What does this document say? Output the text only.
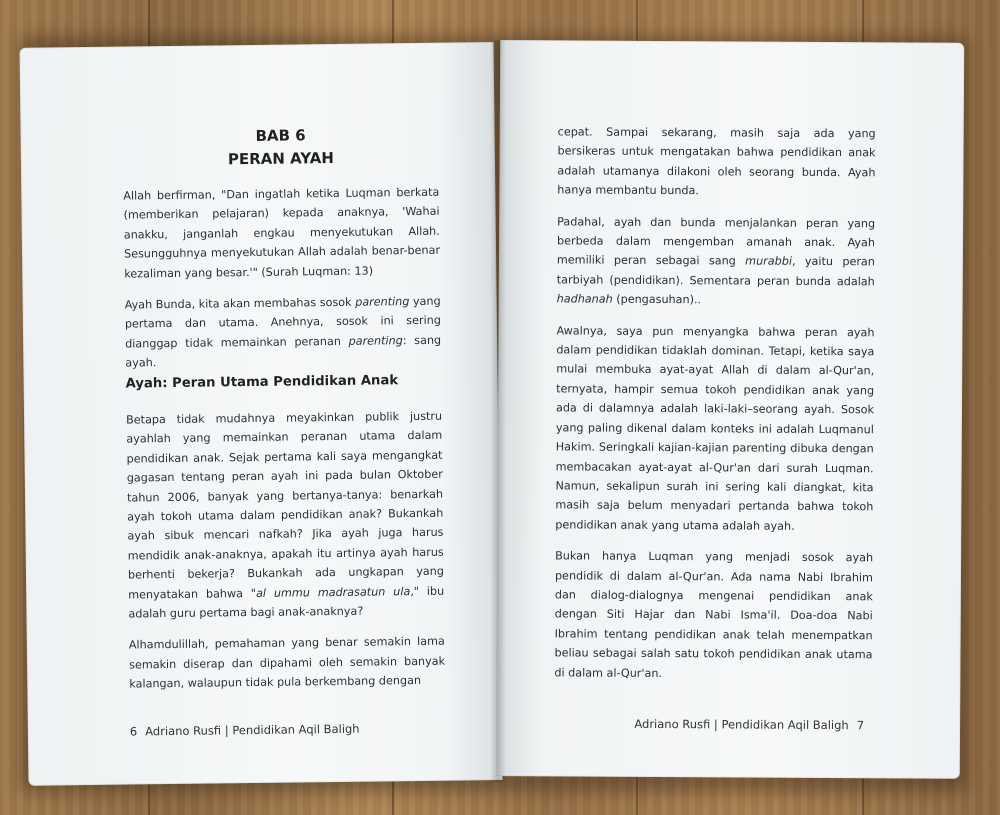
BAB 6
PERAN AYAH

Allah berfirman, "Dan ingatlah ketika Luqman berkata (memberikan pelajaran) kepada anaknya, 'Wahai anakku, janganlah engkau menyekutukan Allah. Sesungguhnya menyekutukan Allah adalah benar-benar kezaliman yang besar.'" (Surah Luqman: 13)

Ayah Bunda, kita akan membahas sosok parenting yang pertama dan utama. Anehnya, sosok ini sering dianggap tidak memainkan peranan parenting: sang ayah.

Ayah: Peran Utama Pendidikan Anak

Betapa tidak mudahnya meyakinkan publik justru ayahlah yang memainkan peranan utama dalam pendidikan anak. Sejak pertama kali saya mengangkat gagasan tentang peran ayah ini pada bulan Oktober tahun 2006, banyak yang bertanya-tanya: benarkah ayah tokoh utama dalam pendidikan anak? Bukankah ayah sibuk mencari nafkah? Jika ayah juga harus mendidik anak-anaknya, apakah itu artinya ayah harus berhenti bekerja? Bukankah ada ungkapan yang menyatakan bahwa "al ummu madrasatun ula," ibu adalah guru pertama bagi anak-anaknya?

Alhamdulillah, pemahaman yang benar semakin lama semakin diserap dan dipahami oleh semakin banyak kalangan, walaupun tidak pula berkembang dengan

6 Adriano Rusfi | Pendidikan Aqil Baligh

cepat. Sampai sekarang, masih saja ada yang bersikeras untuk mengatakan bahwa pendidikan anak adalah utamanya dilakoni oleh seorang bunda. Ayah hanya membantu bunda.

Padahal, ayah dan bunda menjalankan peran yang berbeda dalam mengemban amanah anak. Ayah memiliki peran sebagai sang murabbi, yaitu peran tarbiyah (pendidikan). Sementara peran bunda adalah hadhanah (pengasuhan)..

Awalnya, saya pun menyangka bahwa peran ayah dalam pendidikan tidaklah dominan. Tetapi, ketika saya mulai membuka ayat-ayat Allah di dalam al-Qur'an, ternyata, hampir semua tokoh pendidikan anak yang ada di dalamnya adalah laki-laki–seorang ayah. Sosok yang paling dikenal dalam konteks ini adalah Luqmanul Hakim. Seringkali kajian-kajian parenting dibuka dengan membacakan ayat-ayat al-Qur'an dari surah Luqman. Namun, sekalipun surah ini sering kali diangkat, kita masih saja belum menyadari pertanda bahwa tokoh pendidikan anak yang utama adalah ayah.

Bukan hanya Luqman yang menjadi sosok ayah pendidik di dalam al-Qur'an. Ada nama Nabi Ibrahim dan dialog-dialognya mengenai pendidikan anak dengan Siti Hajar dan Nabi Isma'il. Doa-doa Nabi Ibrahim tentang pendidikan anak telah menempatkan beliau sebagai salah satu tokoh pendidikan anak utama di dalam al-Qur'an.

Adriano Rusfi | Pendidikan Aqil Baligh 7
